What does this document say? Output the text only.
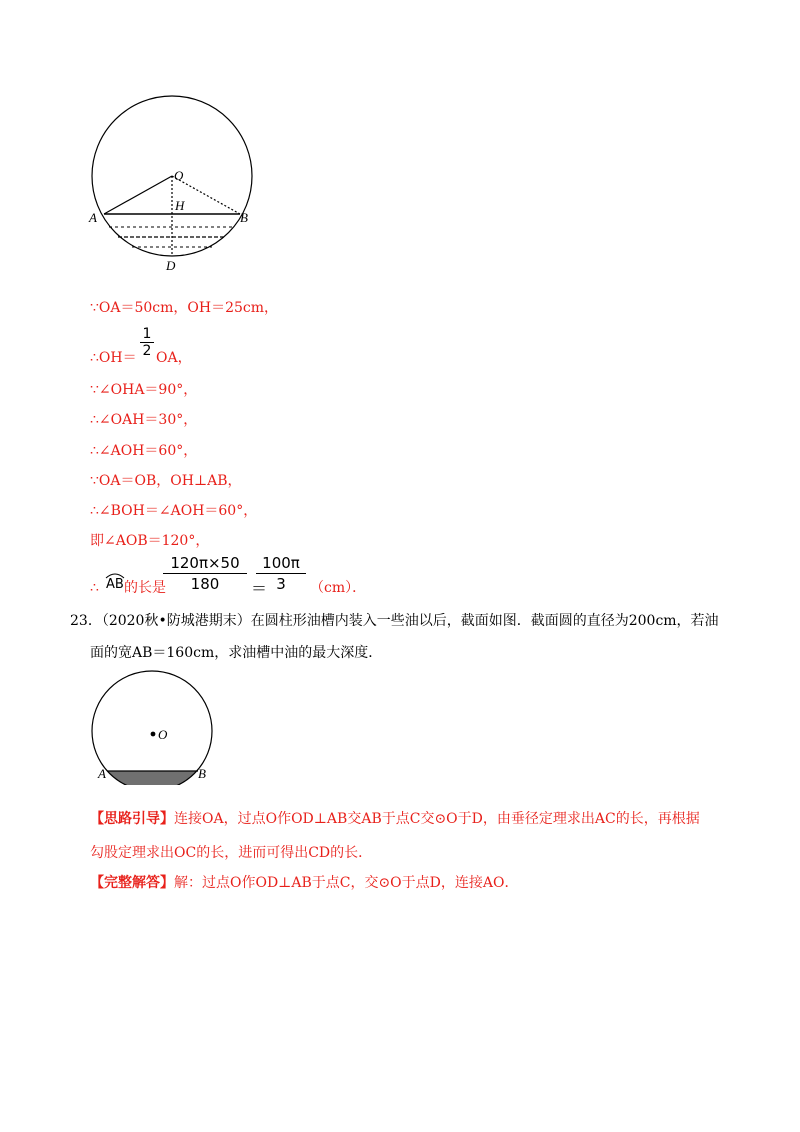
O
H
A	B
D
∵OA＝50cm，OH＝25cm，
∴OH＝ $\frac{1}{2}$ OA，
∵∠OHA＝90°，
∴∠OAH＝30°，
∴∠AOH＝60°，
∵OA＝OB，OH⊥AB，
∴∠BOH＝∠AOH＝60°，
即∠AOB＝120°，
∴ AB 的长是
$\frac{120\pi\times 50}{180}$ ＝
$\frac{100\pi}{3} (cm)$．
23．（2020秋•防城港期末）在圆柱形油槽内装入一些油以后，截面如图．截面圆的直径为200cm，若油
面的宽AB＝160cm，求油槽中油的最大深度．
O
A	B
【思路引导】连接OA，过点O作OD⊥AB交AB于点C交⊙O于D，由垂径定理求出AC的长，再根据
勾股定理求出OC的长，进而可得出CD的长．
【完整解答】解：过点O作OD⊥AB于点C，交⊙O于点D，连接AO．
